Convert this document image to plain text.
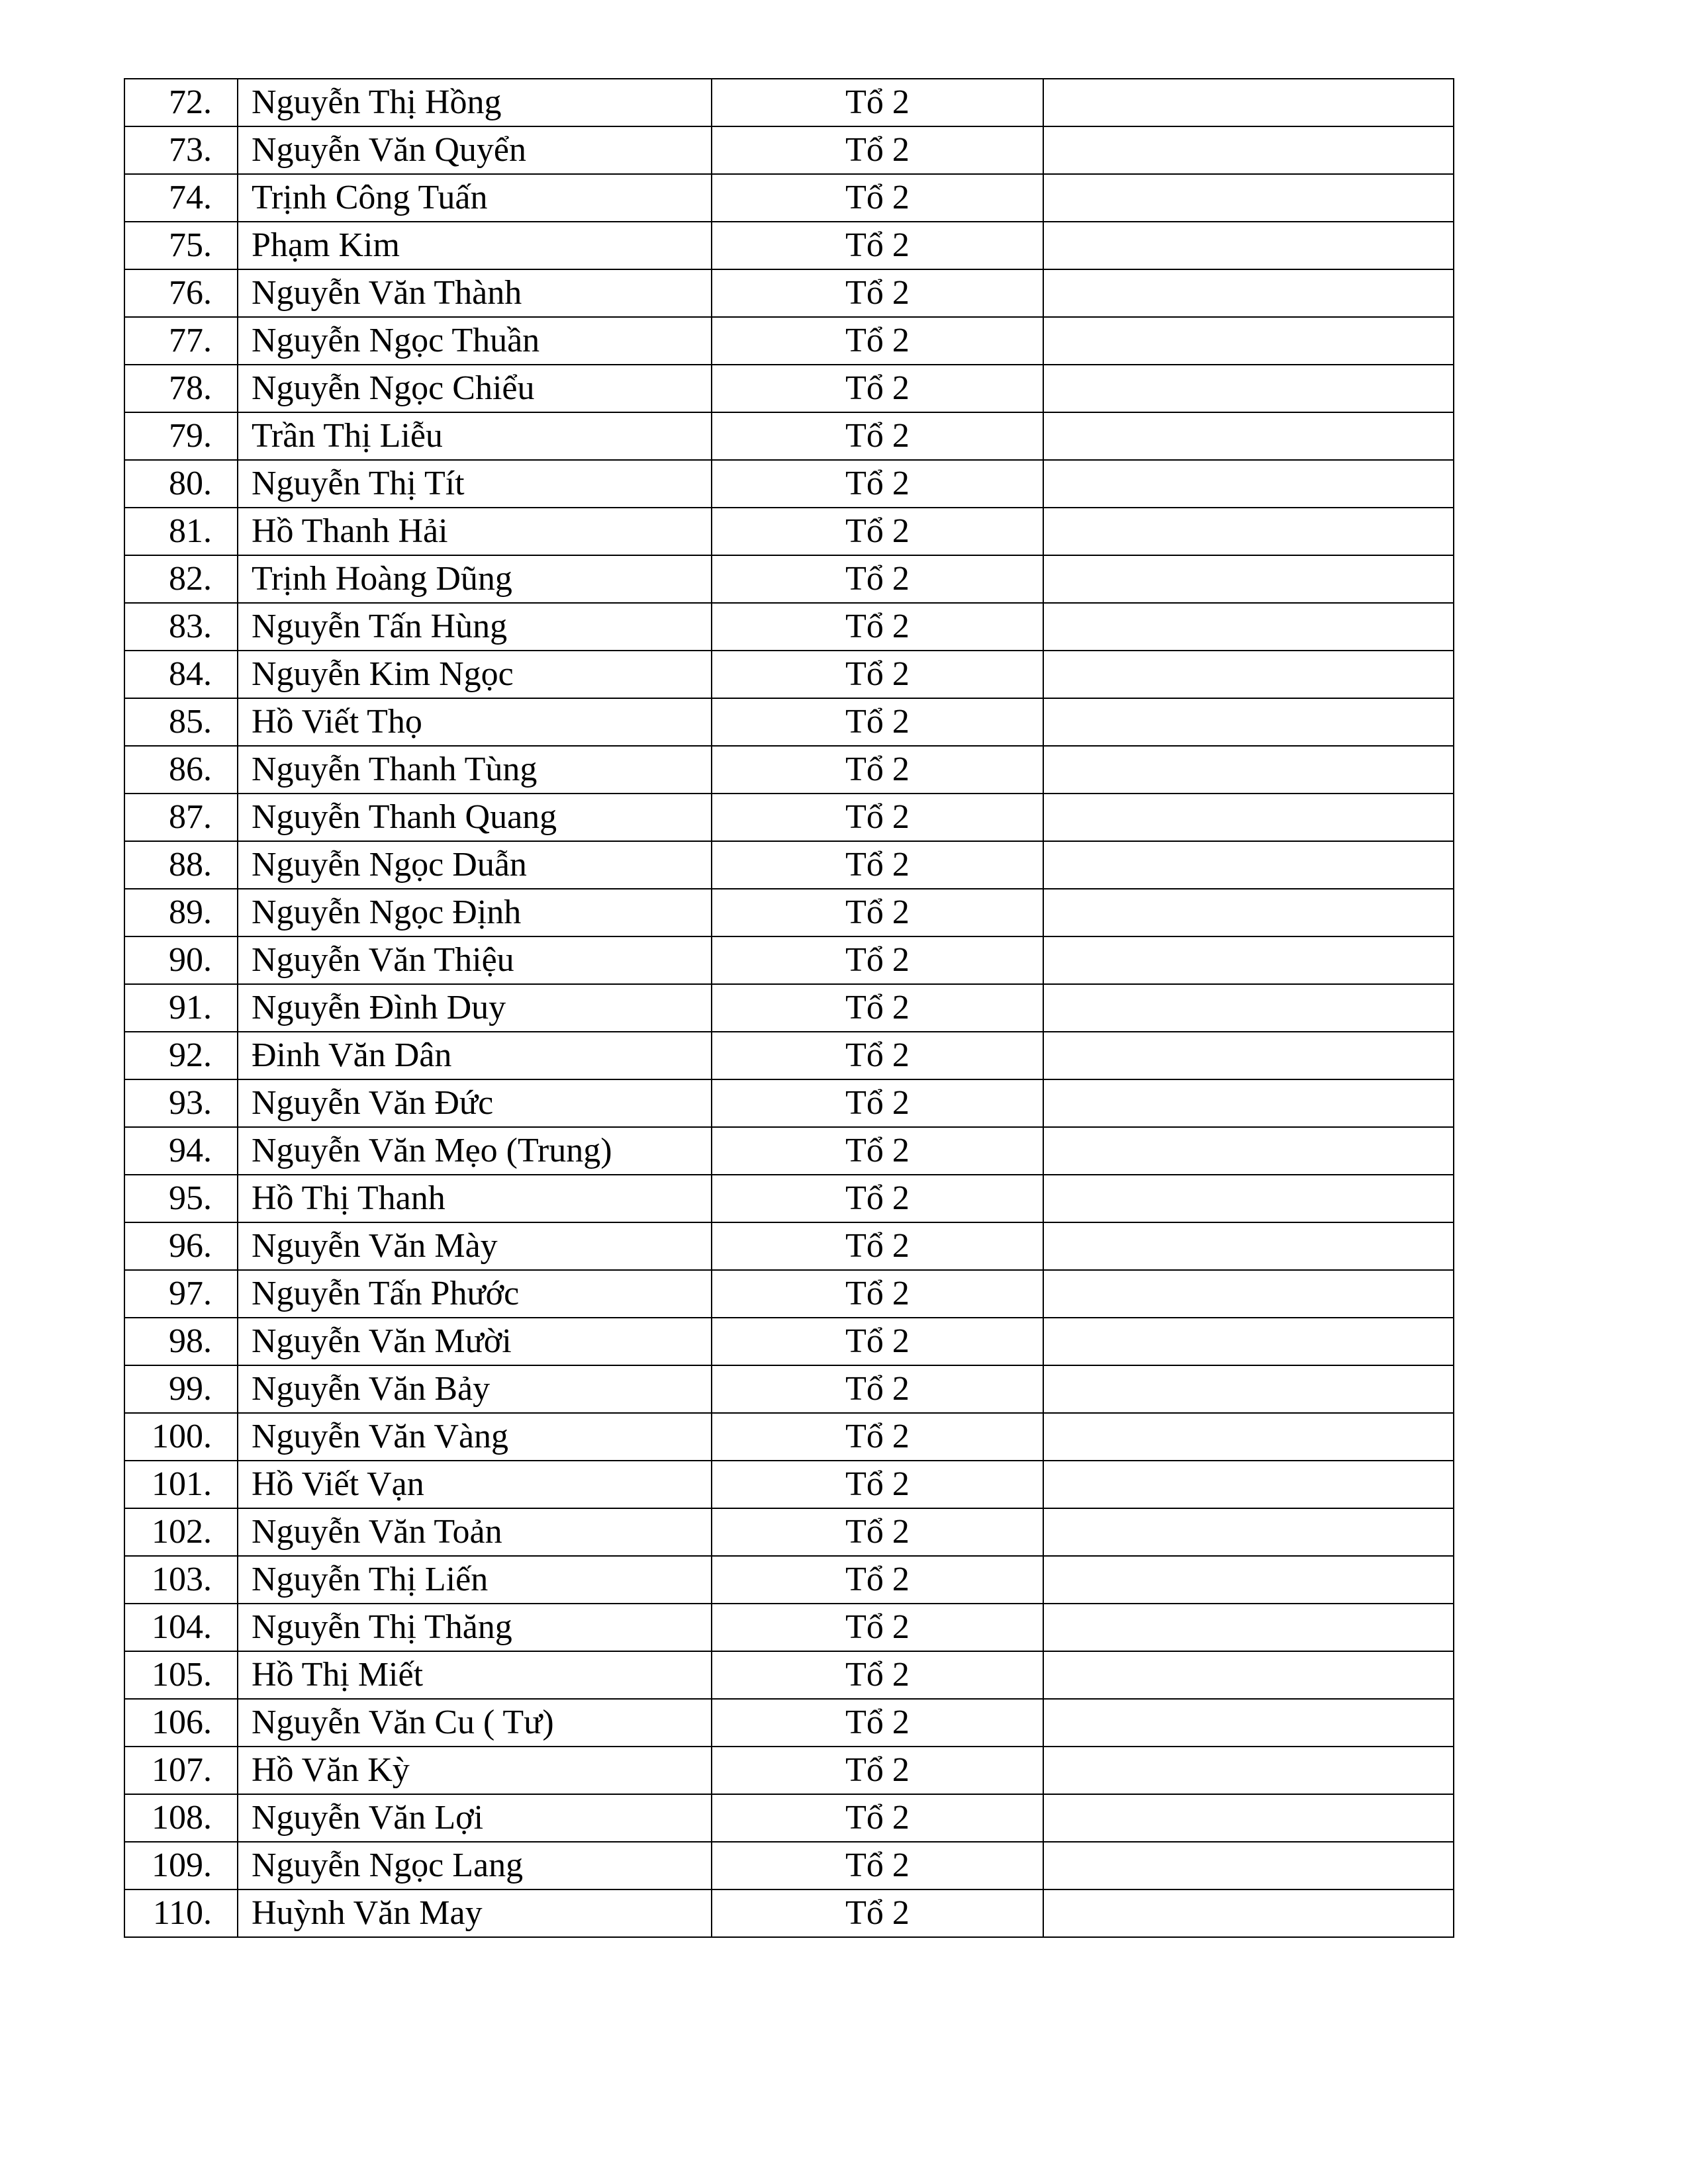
72.	Nguyễn Thị Hồng	Tổ 2	
73.	Nguyễn Văn Quyển	Tổ 2	
74.	Trịnh Công Tuấn	Tổ 2	
75.	Phạm Kim	Tổ 2	
76.	Nguyễn Văn Thành	Tổ 2	
77.	Nguyễn Ngọc Thuần	Tổ 2	
78.	Nguyễn Ngọc Chiểu	Tổ 2	
79.	Trần Thị Liễu	Tổ 2	
80.	Nguyễn Thị Tít	Tổ 2	
81.	Hồ Thanh Hải	Tổ 2	
82.	Trịnh Hoàng Dũng	Tổ 2	
83.	Nguyễn Tấn Hùng	Tổ 2	
84.	Nguyễn Kim Ngọc	Tổ 2	
85.	Hồ Viết Thọ	Tổ 2	
86.	Nguyễn Thanh Tùng	Tổ 2	
87.	Nguyễn Thanh Quang	Tổ 2	
88.	Nguyễn Ngọc Duẫn	Tổ 2	
89.	Nguyễn Ngọc Định	Tổ 2	
90.	Nguyễn Văn Thiệu	Tổ 2	
91.	Nguyễn Đình Duy	Tổ 2	
92.	Đinh Văn Dân	Tổ 2	
93.	Nguyễn Văn Đức	Tổ 2	
94.	Nguyễn Văn Mẹo (Trung)	Tổ 2	
95.	Hồ Thị Thanh	Tổ 2	
96.	Nguyễn Văn Mày	Tổ 2	
97.	Nguyễn Tấn Phước	Tổ 2	
98.	Nguyễn Văn Mười	Tổ 2	
99.	Nguyễn Văn Bảy	Tổ 2	
100.	Nguyễn Văn Vàng	Tổ 2	
101.	Hồ Viết Vạn	Tổ 2	
102.	Nguyễn Văn Toản	Tổ 2	
103.	Nguyễn Thị Liến	Tổ 2	
104.	Nguyễn Thị Thăng	Tổ 2	
105.	Hồ Thị Miết	Tổ 2	
106.	Nguyễn Văn Cu ( Tư)	Tổ 2	
107.	Hồ Văn Kỳ	Tổ 2	
108.	Nguyễn Văn Lợi	Tổ 2	
109.	Nguyễn Ngọc Lang	Tổ 2	
110.	Huỳnh Văn May	Tổ 2	
